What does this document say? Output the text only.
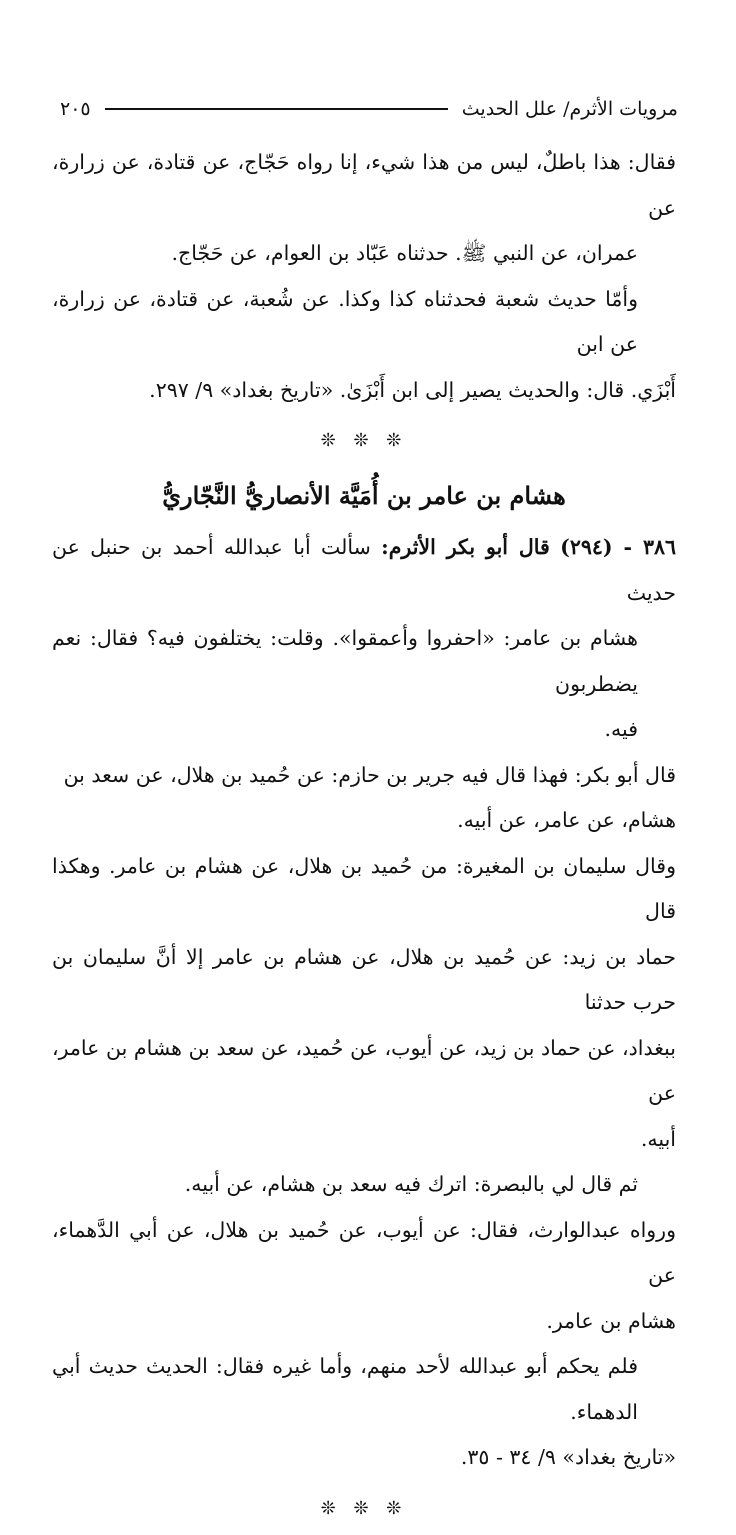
مرويات الأثرم/ علل الحديث
٢٠٥
فقال: هذا باطلٌ، ليس من هذا شيء، إنا رواه حَجّاج، عن قتادة، عن زرارة، عن
عمران، عن النبي ﷺ. حدثناه عَبّاد بن العوام، عن حَجّاج.
وأمّا حديث شعبة فحدثناه كذا وكذا. عن شُعبة، عن قتادة، عن زرارة، عن ابن
أَبْزَي. قال: والحديث يصير إلى ابن أَبْزَىٰ. «تاريخ بغداد» ٩/ ٢٩٧.
❊ ❊ ❊
هشام بن عامر بن أُمَيَّة الأنصاريُّ النَّجّاريُّ
٣٨٦ - (٢٩٤) قال أبو بكر الأثرم: سألت أبا عبدالله أحمد بن حنبل عن حديث
هشام بن عامر: «احفروا وأعمقوا». وقلت: يختلفون فيه؟ فقال: نعم يضطربون
فيه.
قال أبو بكر: فهذا قال فيه جرير بن حازم: عن حُميد بن هلال، عن سعد بن
هشام، عن عامر، عن أبيه.
وقال سليمان بن المغيرة: من حُميد بن هلال، عن هشام بن عامر. وهكذا قال
حماد بن زيد: عن حُميد بن هلال، عن هشام بن عامر إلا أنَّ سليمان بن حرب حدثنا
ببغداد، عن حماد بن زيد، عن أيوب، عن حُميد، عن سعد بن هشام بن عامر، عن
أبيه.
ثم قال لي بالبصرة: اترك فيه سعد بن هشام، عن أبيه.
ورواه عبدالوارث، فقال: عن أيوب، عن حُميد بن هلال، عن أبي الدَّهماء، عن
هشام بن عامر.
فلم يحكم أبو عبدالله لأحد منهم، وأما غيره فقال: الحديث حديث أبي الدهماء.
«تاريخ بغداد» ٩/ ٣٤ - ٣٥.
❊ ❊ ❊
